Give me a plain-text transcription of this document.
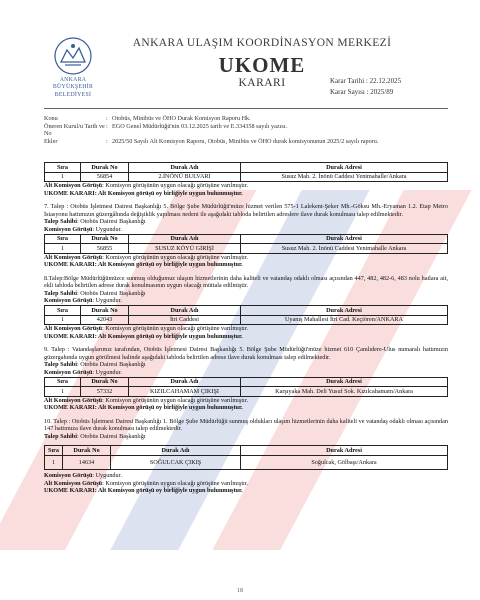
ANKARA
BÜYÜKŞEHİR
BELEDİYESİ
ANKARA ULAŞIM KOORDİNASYON MERKEZİ
UKOME
KARARI	Karar Tarihi : 22.12.2025
Karar Sayısı : 2025/89
Konu	: Otobüs, Minibüs ve ÖHO Durak Komisyon Raporu Hk.
Öneren Kurul/u Tarih ve No
: EGO Genel Müdürlüğü'nin 03.12.2025 tarih ve E.334358 sayılı yazısı.
Ekler	: 2025/50 Sayılı Alt Komisyon Raporu, Otobüs, Minibüs ve ÖHO durak komisyonunun 2025/2 sayılı raporu.
Sıra	Durak No	Durak Adı	Durak Adresi
1	56854	2.İNÖNÜ BULVARI	Susuz Mah. 2. İnönü Caddesi Yenimahalle/Ankara
Alt Komisyon Görüşü: Komisyon görüşünün uygun olacağı görüşüne varılmıştır.
UKOME KARARI: Alt Komisyon görüşü oy birliğiyle uygun bulunmuştur.
7. Talep : Otobüs İşletmesi Dairesi Başkanlığı 5. Bölge Şube Müdürlüğü'müze hizmet verilen 575-1 Lalekent-Şeker Mh.-Göksu Mh.-Eryaman 1.2. Etap Metro İstasyonu hattımızın güzergâhında değişiklik yapılması nedeni ile aşağıdaki tabloda belirtilen adreslere ilave durak konulması talep edilmektedir.
Talep Sahibi: Otobüs Dairesi Başkanlığı
Komisyon Görüşü: Uygundur.
Sıra	Durak No	Durak Adı	Durak Adresi
1	56855	SUSUZ KÖYÜ GİRİŞİ	Susuz Mah. 2. İnönü Caddesi Yenimahalle Ankara
Alt Komisyon Görüşü: Komisyon görüşünün uygun olacağı görüşüne varılmıştır.
UKOME KARARI: Alt Komisyon görüşü oy birliğiyle uygun bulunmuştur.
8.Talep:Bölge Müdürlüğümüzce sunmuş olduğumuz ulaşım hizmetlerinin daha kaliteli ve vatandaş odaklı olması açısından 447, 482, 482-6, 483 nolu hatlara ait, ekli tabloda belirtilen adrese durak konulmasının uygun olacağı müttala edilmiştir.
Talep Sahibi: Otobüs Dairesi Başkanlığı
Komisyon Görüşü: Uygundur.
Sıra	Durak No	Durak Adı	Durak Adresi
1	42043	İtri Caddesi	Uyanış Mahallesi İtri Cad. Keçiören/ANKARA
Alt Komisyon Görüşü: Komisyon görüşünün uygun olacağı görüşüne varılmıştır.
UKOME KARARI: Alt Komisyon görüşü oy birliğiyle uygun bulunmuştur.
9. Talep : Vatandaşlarımız tarafından, Otobüs İşletmesi Dairesi Başkanlığı 5. Bölge Şube Müdürlüğü'müze hizmet 610 Çamlıdere-Ulus numaralı hattımızın güzergahında uygun görülmesi halinde aşağıdaki tabloda belirtilen adrese ilave durak konulması talep edilmektedir.
Talep Sahibi: Otobüs Dairesi Başkanlığı
Komisyon Görüşü: Uygundur.
Sıra	Durak No	Durak Adı	Durak Adresi
1	57332	KIZILCAHAMAM ÇIKIŞI	Karşıyaka Mah. Deli Yusuf Sok. Kızılcahamam/Ankara
Alt Komisyon Görüşü: Komisyon görüşünün uygun olacağı görüşüne varılmıştır.
UKOME KARARI: Alt Komisyon görüşü oy birliğiyle uygun bulunmuştur.
10. Talep : Otobüs İşletmesi Dairesi Başkanlığı 1. Bölge Şube Müdürlüğü sunmuş oldukları ulaşım hizmetlerinin daha kaliteli ve vatandaş odaklı olması açısından 147 hattımıza ilave durak konulması talep edilmektedir.
Talep Sahibi: Otobüs Dairesi Başkanlığı
Sıra	Durak No	Durak Adı	Durak Adresi
1	14634	SOĞULCAK ÇIKIŞ	Soğulcak, Gölbaşı/Ankara
Komisyon Görüşü: Uygundur.
Alt Komisyon Görüşü: Komisyon görüşünün uygun olacağı görüşüne varılmıştır.
UKOME KARARI: Alt Komisyon görüşü oy birliğiyle uygun bulunmuştur.
18
